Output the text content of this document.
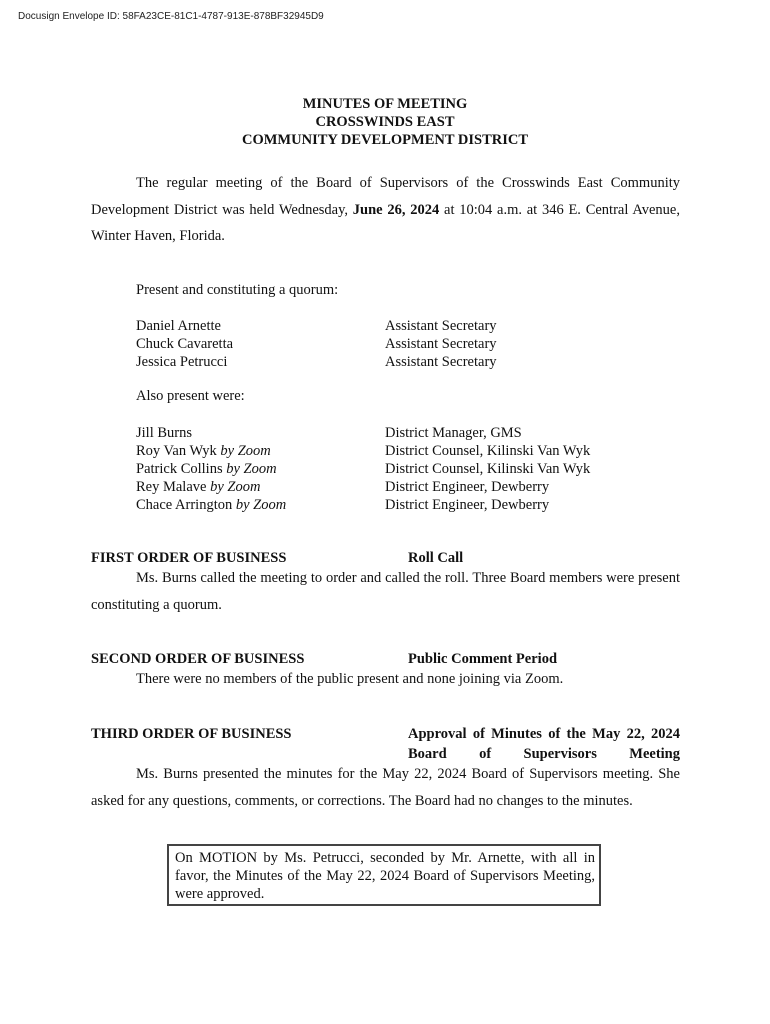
Docusign Envelope ID: 58FA23CE-81C1-4787-913E-878BF32945D9
MINUTES OF MEETING
CROSSWINDS EAST
COMMUNITY DEVELOPMENT DISTRICT
The regular meeting of the Board of Supervisors of the Crosswinds East Community Development District was held Wednesday, June 26, 2024 at 10:04 a.m. at 346 E. Central Avenue, Winter Haven, Florida.
Present and constituting a quorum:
Daniel Arnette	Assistant Secretary
Chuck Cavaretta	Assistant Secretary
Jessica Petrucci	Assistant Secretary
Also present were:
Jill Burns	District Manager, GMS
Roy Van Wyk by Zoom	District Counsel, Kilinski Van Wyk
Patrick Collins by Zoom	District Counsel, Kilinski Van Wyk
Rey Malave by Zoom	District Engineer, Dewberry
Chace Arrington by Zoom	District Engineer, Dewberry
FIRST ORDER OF BUSINESS	Roll Call
Ms. Burns called the meeting to order and called the roll. Three Board members were present constituting a quorum.
SECOND ORDER OF BUSINESS	Public Comment Period
There were no members of the public present and none joining via Zoom.
THIRD ORDER OF BUSINESS	Approval of Minutes of the May 22, 2024 Board of Supervisors Meeting
Ms. Burns presented the minutes for the May 22, 2024 Board of Supervisors meeting. She asked for any questions, comments, or corrections. The Board had no changes to the minutes.
On MOTION by Ms. Petrucci, seconded by Mr. Arnette, with all in favor, the Minutes of the May 22, 2024 Board of Supervisors Meeting, were approved.
